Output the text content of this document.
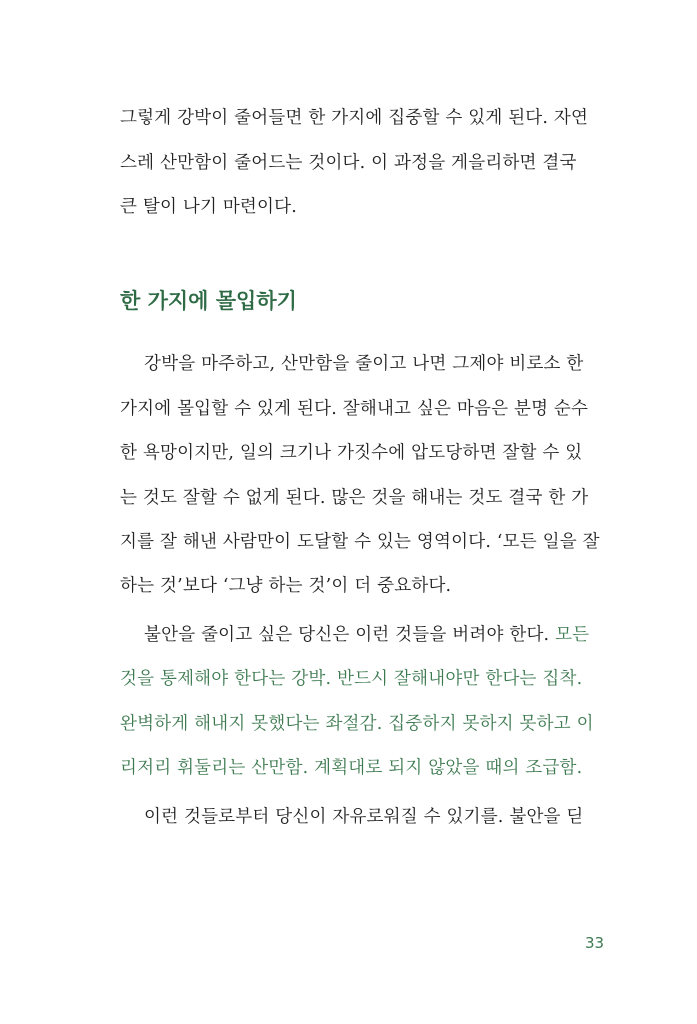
그렇게 강박이 줄어들면 한 가지에 집중할 수 있게 된다. 자연
스레 산만함이 줄어드는 것이다. 이 과정을 게을리하면 결국
큰 탈이 나기 마련이다.
한 가지에 몰입하기
강박을 마주하고, 산만함을 줄이고 나면 그제야 비로소 한
가지에 몰입할 수 있게 된다. 잘해내고 싶은 마음은 분명 순수
한 욕망이지만, 일의 크기나 가짓수에 압도당하면 잘할 수 있
는 것도 잘할 수 없게 된다. 많은 것을 해내는 것도 결국 한 가
지를 잘 해낸 사람만이 도달할 수 있는 영역이다. ‘모든 일을 잘
하는 것’보다 ‘그냥 하는 것’이 더 중요하다.
불안을 줄이고 싶은 당신은 이런 것들을 버려야 한다. 모든
것을 통제해야 한다는 강박. 반드시 잘해내야만 한다는 집착.
완벽하게 해내지 못했다는 좌절감. 집중하지 못하지 못하고 이
리저리 휘둘리는 산만함. 계획대로 되지 않았을 때의 조급함.
이런 것들로부터 당신이 자유로워질 수 있기를. 불안을 딛
33
